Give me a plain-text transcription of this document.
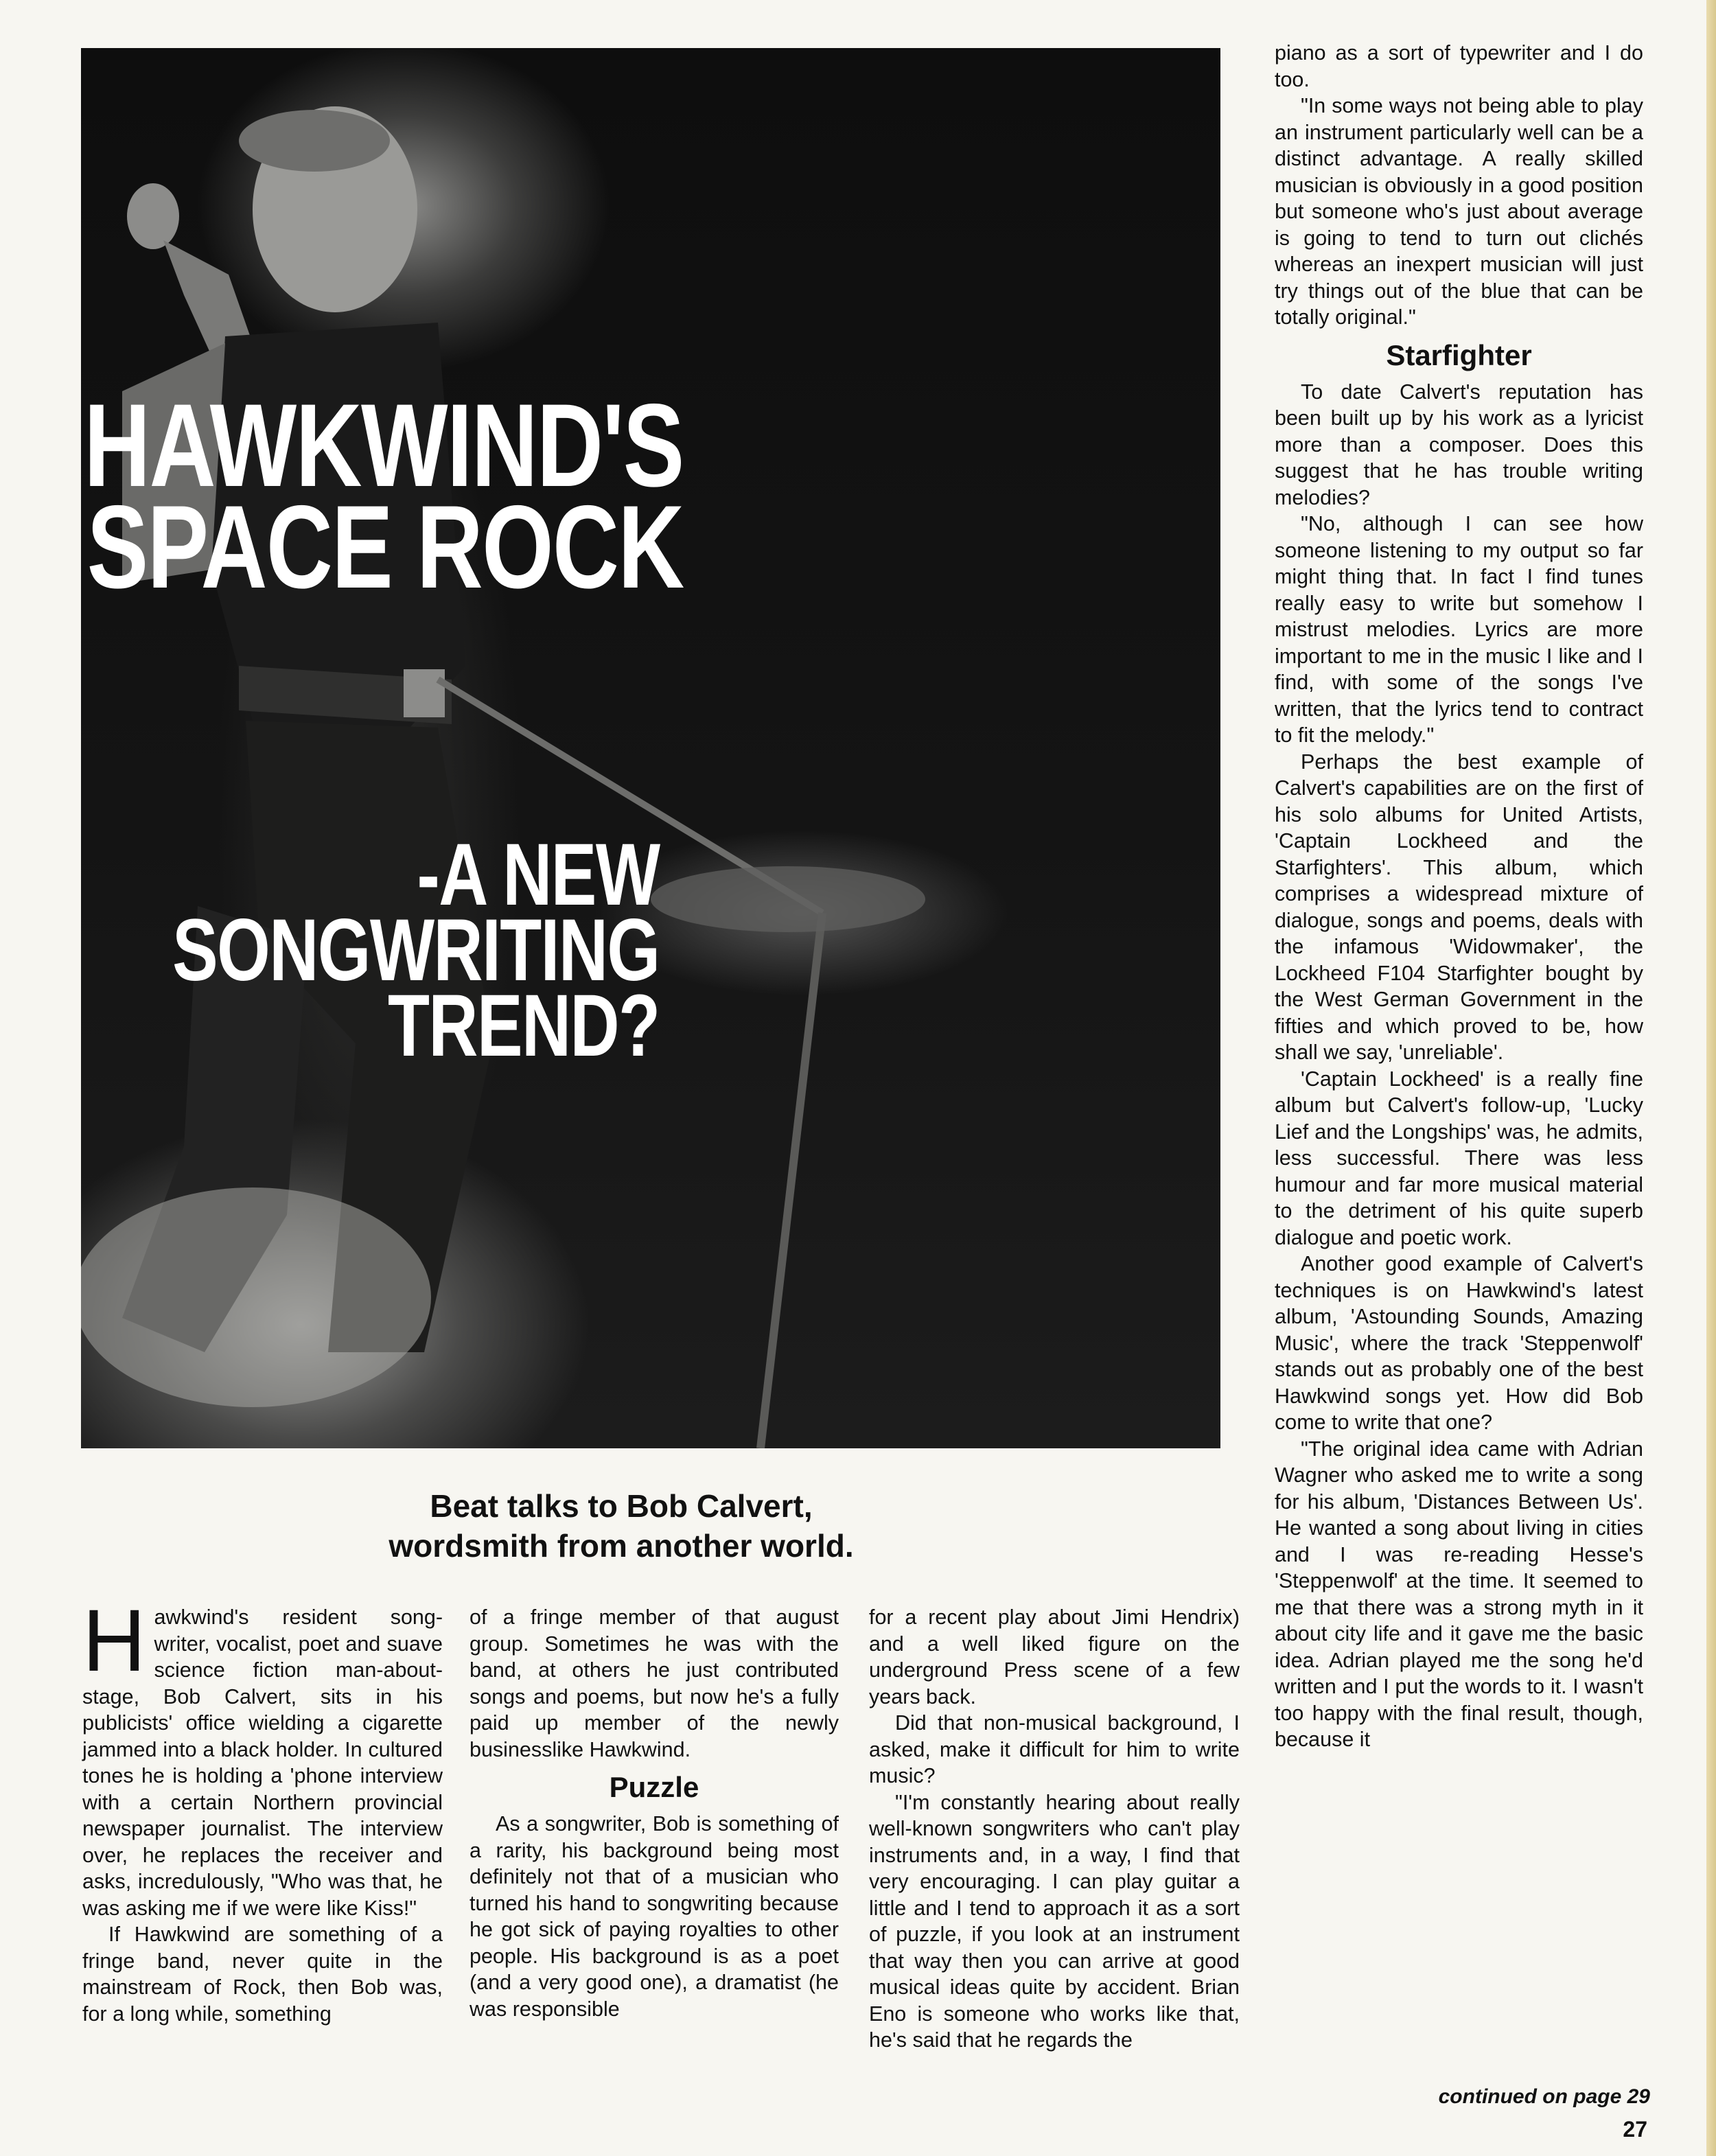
HAWKWIND'S
SPACE ROCK
-A NEW
SONGWRITING
TREND?
Beat talks to Bob Calvert,
wordsmith from another world.

Hawkwind's resident song-writer, vocalist, poet and suave science fiction man-about-stage, Bob Calvert, sits in his publicists' office wielding a cigarette jammed into a black holder. In cultured tones he is holding a 'phone interview with a certain Northern provincial newspaper journalist. The interview over, he replaces the receiver and asks, incredulously, "Who was that, he was asking me if we were like Kiss!"

If Hawkwind are something of a fringe band, never quite in the mainstream of Rock, then Bob was, for a long while, something

of a fringe member of that august group. Sometimes he was with the band, at others he just contributed songs and poems, but now he's a fully paid up member of the newly businesslike Hawkwind.

Puzzle

As a songwriter, Bob is something of a rarity, his background being most definitely not that of a musician who turned his hand to songwriting because he got sick of paying royalties to other people. His background is as a poet (and a very good one), a dramatist (he was responsible

for a recent play about Jimi Hendrix) and a well liked figure on the underground Press scene of a few years back.

Did that non-musical background, I asked, make it difficult for him to write music?

"I'm constantly hearing about really well-known songwriters who can't play instruments and, in a way, I find that very encouraging. I can play guitar a little and I tend to approach it as a sort of puzzle, if you look at an instrument that way then you can arrive at good musical ideas quite by accident. Brian Eno is someone who works like that, he's said that he regards the

piano as a sort of typewriter and I do too.

"In some ways not being able to play an instrument particularly well can be a distinct advantage. A really skilled musician is obviously in a good position but someone who's just about average is going to tend to turn out clichés whereas an inexpert musician will just try things out of the blue that can be totally original."

Starfighter

To date Calvert's reputation has been built up by his work as a lyricist more than a composer. Does this suggest that he has trouble writing melodies?

"No, although I can see how someone listening to my output so far might thing that. In fact I find tunes really easy to write but somehow I mistrust melodies. Lyrics are more important to me in the music I like and I find, with some of the songs I've written, that the lyrics tend to contract to fit the melody."

Perhaps the best example of Calvert's capabilities are on the first of his solo albums for United Artists, 'Captain Lockheed and the Starfighters'. This album, which comprises a widespread mixture of dialogue, songs and poems, deals with the infamous 'Widowmaker', the Lockheed F104 Starfighter bought by the West German Government in the fifties and which proved to be, how shall we say, 'unreliable'.

'Captain Lockheed' is a really fine album but Calvert's follow-up, 'Lucky Lief and the Longships' was, he admits, less successful. There was less humour and far more musical material to the detriment of his quite superb dialogue and poetic work.

Another good example of Calvert's techniques is on Hawkwind's latest album, 'Astounding Sounds, Amazing Music', where the track 'Steppenwolf' stands out as probably one of the best Hawkwind songs yet. How did Bob come to write that one?

"The original idea came with Adrian Wagner who asked me to write a song for his album, 'Distances Between Us'. He wanted a song about living in cities and I was re-reading Hesse's 'Steppenwolf' at the time. It seemed to me that there was a strong myth in it about city life and it gave me the basic idea. Adrian played me the song he'd written and I put the words to it. I wasn't too happy with the final result, though, because it

continued on page 29
27
